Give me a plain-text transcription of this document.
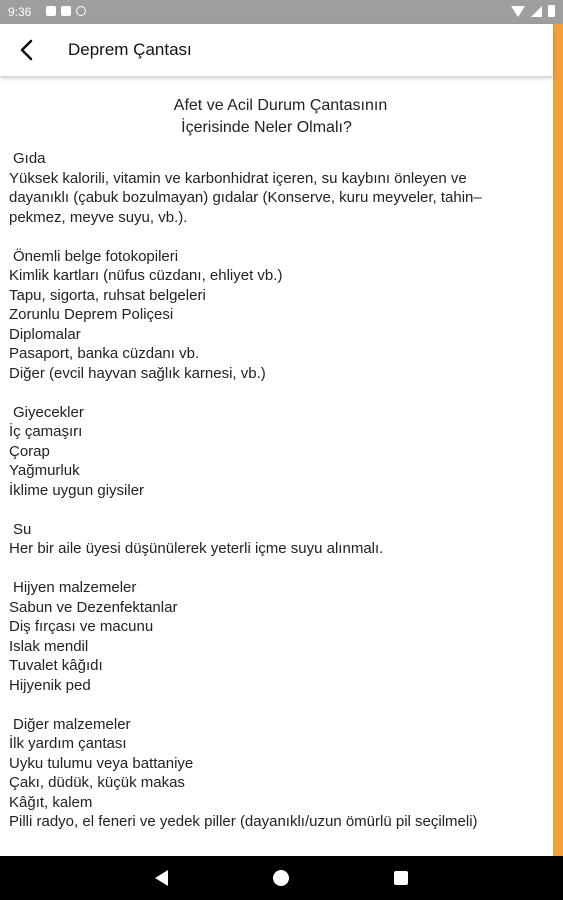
9:36
Deprem Çantası
Afet ve Acil Durum Çantasının
İçerisinde Neler Olmalı?
Gıda
Yüksek kalorili, vitamin ve karbonhidrat içeren, su kaybını önleyen ve
dayanıklı (çabuk bozulmayan) gıdalar (Konserve, kuru meyveler, tahin–
pekmez, meyve suyu, vb.).
Önemli belge fotokopileri
Kimlik kartları (nüfus cüzdanı, ehliyet vb.)
Tapu, sigorta, ruhsat belgeleri
Zorunlu Deprem Poliçesi
Diplomalar
Pasaport, banka cüzdanı vb.
Diğer (evcil hayvan sağlık karnesi, vb.)
Giyecekler
İç çamaşırı
Çorap
Yağmurluk
İklime uygun giysiler
Su
Her bir aile üyesi düşünülerek yeterli içme suyu alınmalı.
Hijyen malzemeler
Sabun ve Dezenfektanlar
Diş fırçası ve macunu
Islak mendil
Tuvalet kâğıdı
Hijyenik ped
Diğer malzemeler
İlk yardım çantası
Uyku tulumu veya battaniye
Çakı, düdük, küçük makas
Kâğıt, kalem
Pilli radyo, el feneri ve yedek piller (dayanıklı/uzun ömürlü pil seçilmeli)
